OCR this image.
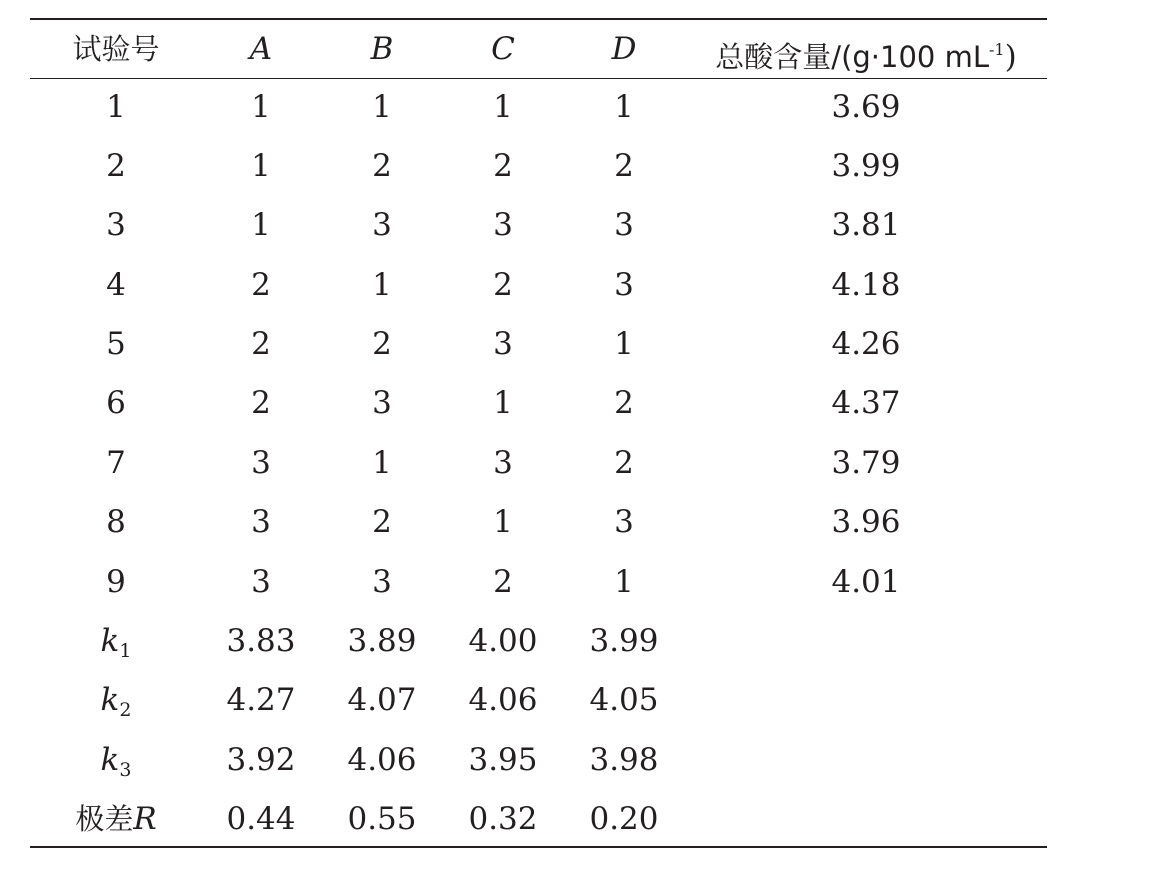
试验号	A	B	C	D	总酸含量/(g·100 $mL^{-1}$)
1	1	1	1	1	3.69
2	1	2	2	2	3.99
3	1	3	3	3	3.81
4	2	1	2	3	4.18
5	2	2	3	1	4.26
6	2	3	1	2	4.37
7	3	1	3	2	3.79
8	3	2	1	3	3.96
9	3	3	2	1	4.01
$k_1$	3.83	3.89	4.00	3.99
$k_2$	4.27	4.07	4.06	4.05
$k_3$	3.92	4.06	3.95	3.98
极差R	0.44	0.55	0.32	0.20
